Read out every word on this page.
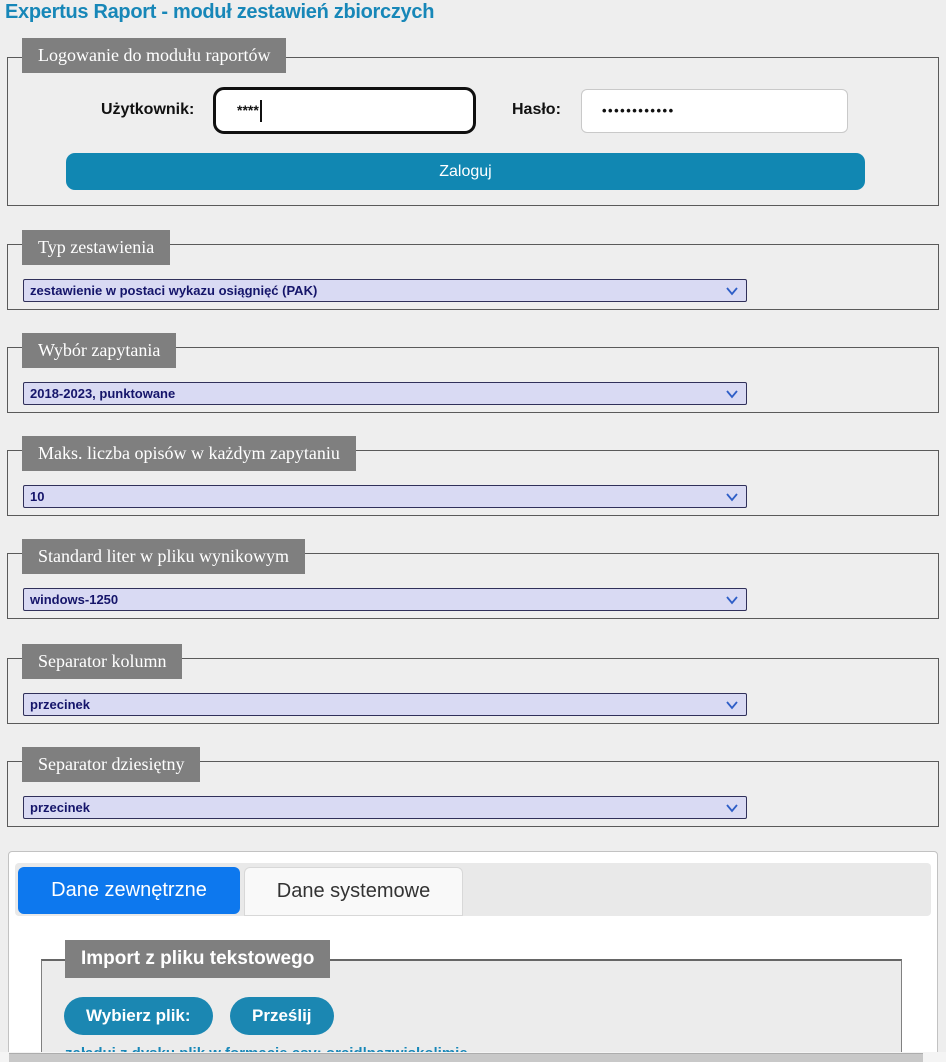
Expertus Raport - moduł zestawień zbiorczych
Logowanie do modułu raportów
Użytkownik:	****	Hasło:	••••••••••••
Zaloguj
Typ zestawienia
zestawienie w postaci wykazu osiągnięć (PAK)
Wybór zapytania
2018-2023, punktowane
Maks. liczba opisów w każdym zapytaniu
10
Standard liter w pliku wynikowym
windows-1250
Separator kolumn
przecinek
Separator dziesiętny
przecinek
Dane zewnętrzne	Dane systemowe
Import z pliku tekstowego
Wybierz plik:	Prześlij
